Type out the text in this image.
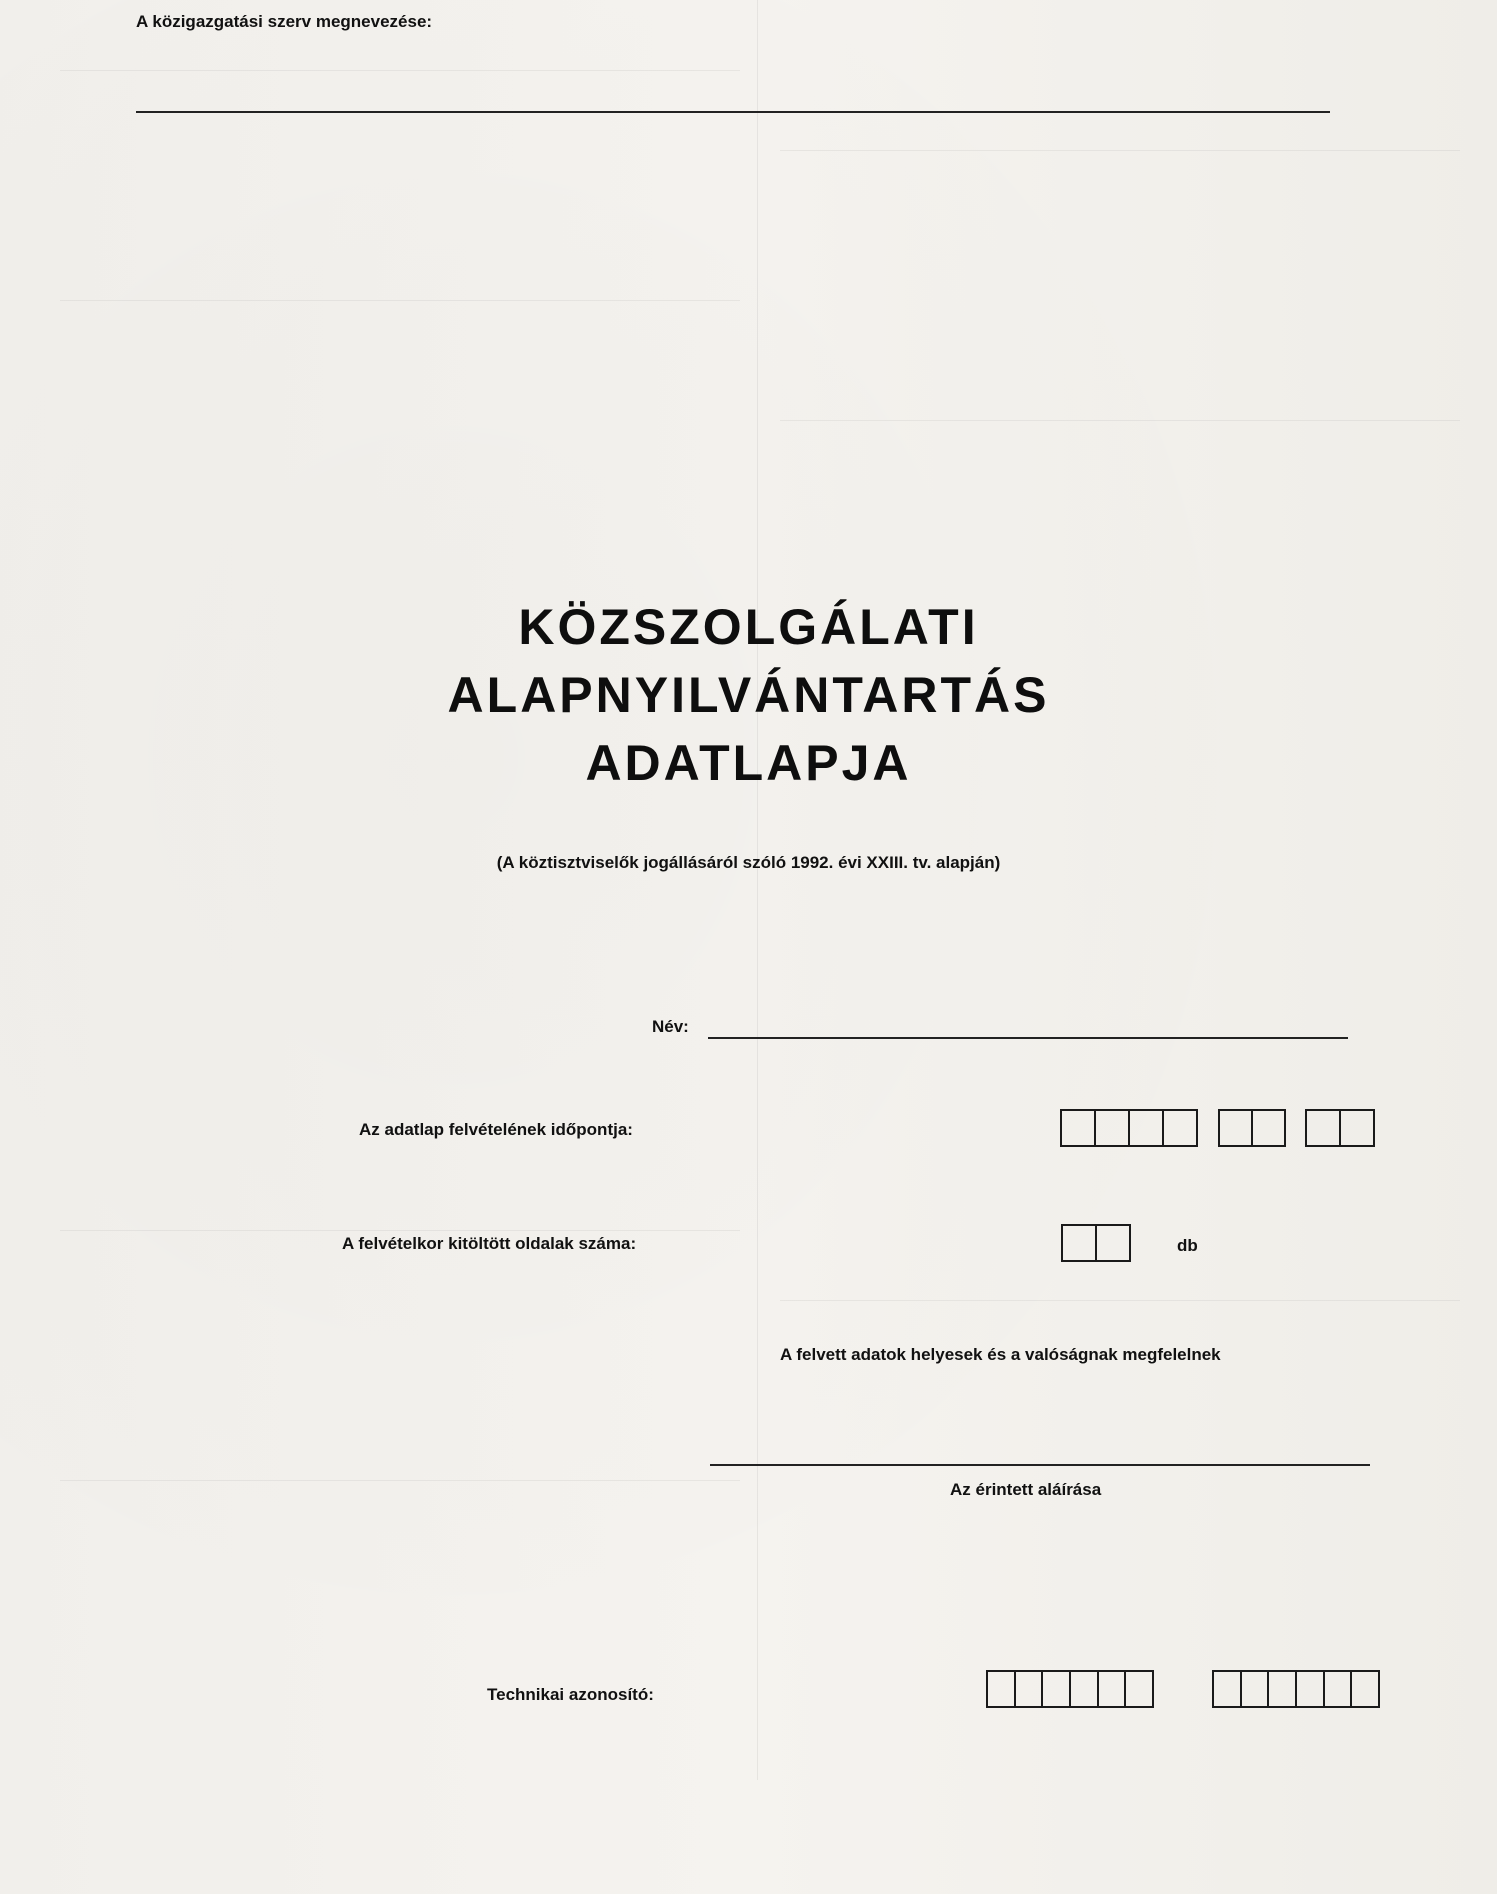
A közigazgatási szerv megnevezése:
KÖZSZOLGÁLATI
ALAPNYILVÁNTARTÁS
ADATLAPJA
(A köztisztviselők jogállásáról szóló 1992. évi XXIII. tv. alapján)
Név:
Az adatlap felvételének időpontja:
A felvételkor kitöltött oldalak száma:	db
A felvett adatok helyesek és a valóságnak megfelelnek
Az érintett aláírása
Technikai azonosító:
